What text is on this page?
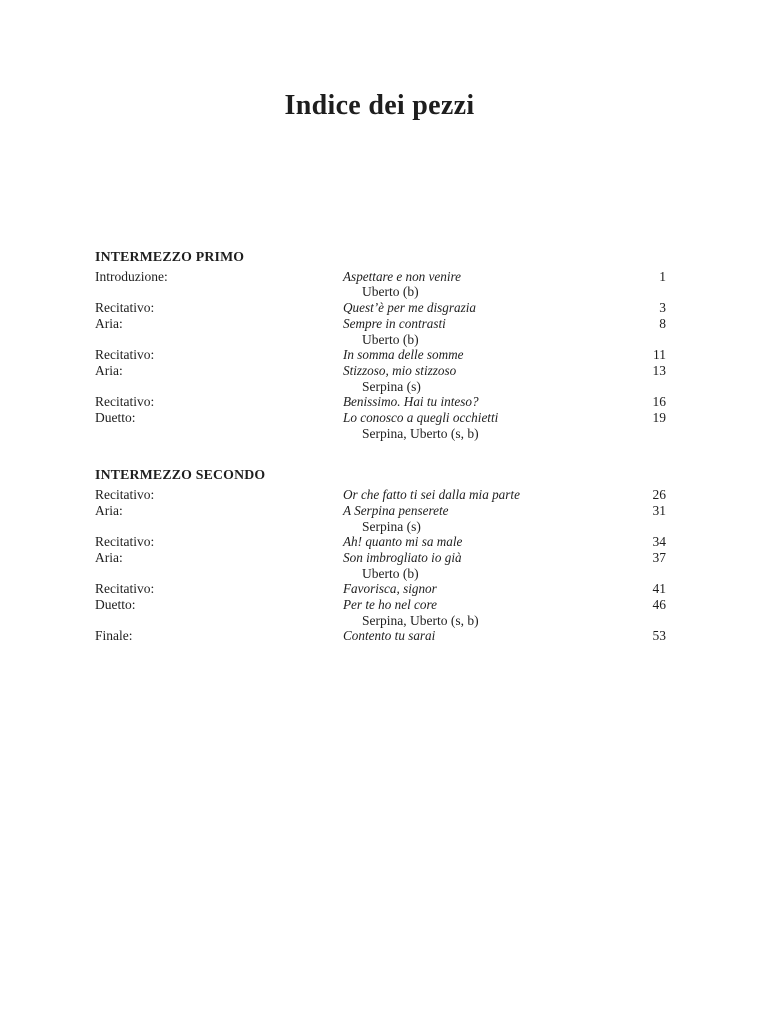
Indice dei pezzi
INTERMEZZO PRIMO
Introduzione:	Aspettare e non venire	1
Uberto (b)
Recitativo:	Quest’è per me disgrazia	3
Aria:	Sempre in contrasti	8
Uberto (b)
Recitativo:	In somma delle somme	11
Aria:	Stizzoso, mio stizzoso	13
Serpina (s)
Recitativo:	Benissimo. Hai tu inteso?	16
Duetto:	Lo conosco a quegli occhietti	19
Serpina, Uberto (s, b)
INTERMEZZO SECONDO
Recitativo:	Or che fatto ti sei dalla mia parte	26
Aria:	A Serpina penserete	31
Serpina (s)
Recitativo:	Ah! quanto mi sa male	34
Aria:	Son imbrogliato io già	37
Uberto (b)
Recitativo:	Favorisca, signor	41
Duetto:	Per te ho nel core	46
Serpina, Uberto (s, b)
Finale:	Contento tu sarai	53
